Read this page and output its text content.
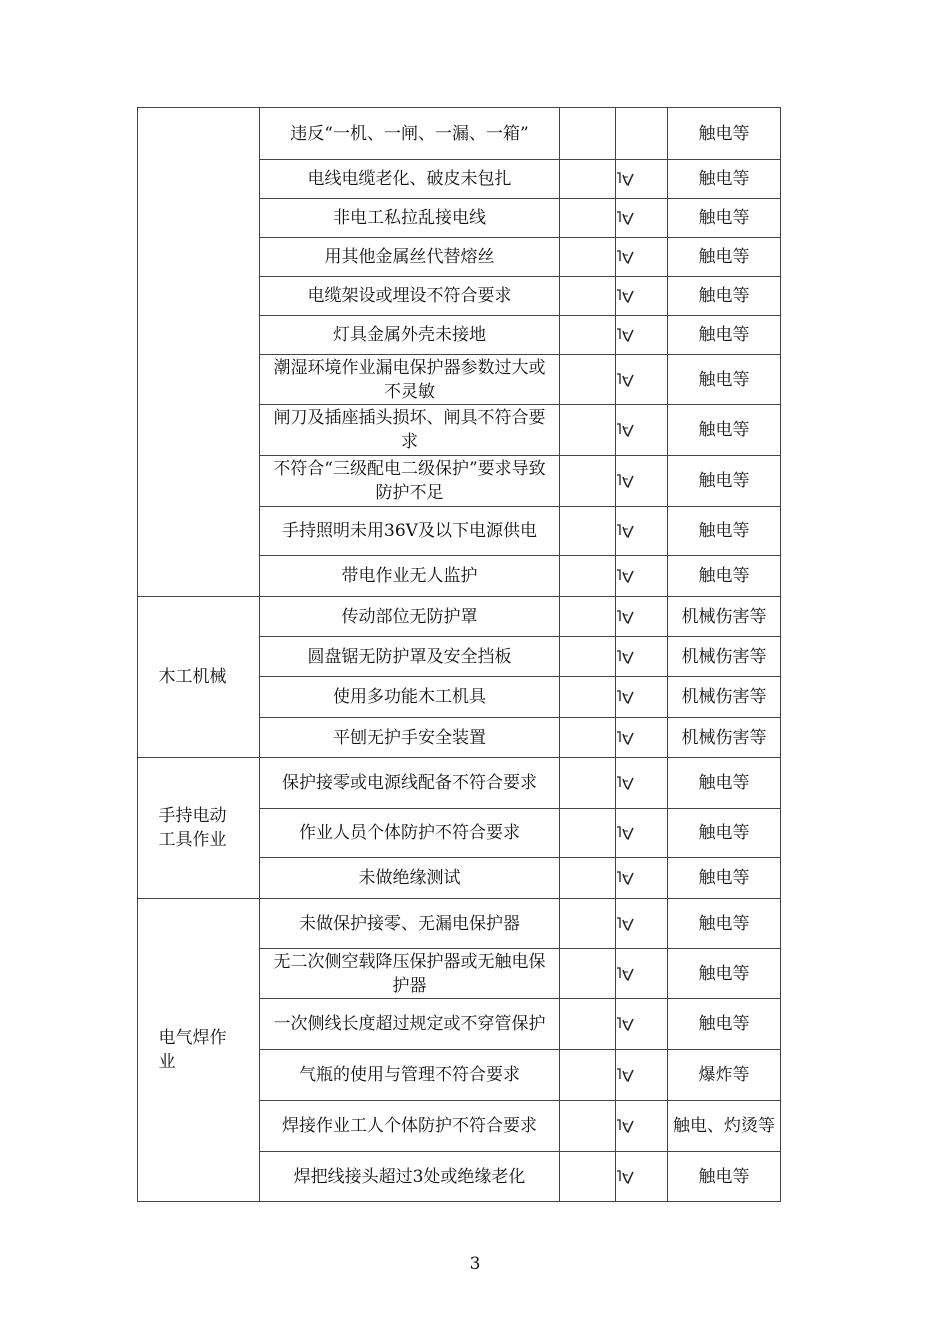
	违反“一机、一闸、一漏、一箱”			触电等
	电线电缆老化、破皮未包扎			触电等
	非电工私拉乱接电线			触电等
	用其他金属丝代替熔丝			触电等
	电缆架设或埋设不符合要求			触电等
	灯具金属外壳未接地			触电等
	潮湿环境作业漏电保护器参数过大或不灵敏			触电等
	闸刀及插座插头损坏、闸具不符合要求			触电等
	不符合“三级配电二级保护”要求导致防护不足			触电等
	手持照明未用36V及以下电源供电			触电等
	带电作业无人监护			触电等
木工机械	传动部位无防护罩			机械伤害等
	圆盘锯无防护罩及安全挡板			机械伤害等
	使用多功能木工机具			机械伤害等
	平刨无护手安全装置			机械伤害等
手持电动工具作业	保护接零或电源线配备不符合要求			触电等
	作业人员个体防护不符合要求			触电等
	未做绝缘测试			触电等
电气焊作业	未做保护接零、无漏电保护器			触电等
	无二次侧空载降压保护器或无触电保护器			触电等
	一次侧线长度超过规定或不穿管保护			触电等
	气瓶的使用与管理不符合要求			爆炸等
	焊接作业工人个体防护不符合要求			触电、灼烫等
	焊把线接头超过3处或绝缘老化			触电等
3
